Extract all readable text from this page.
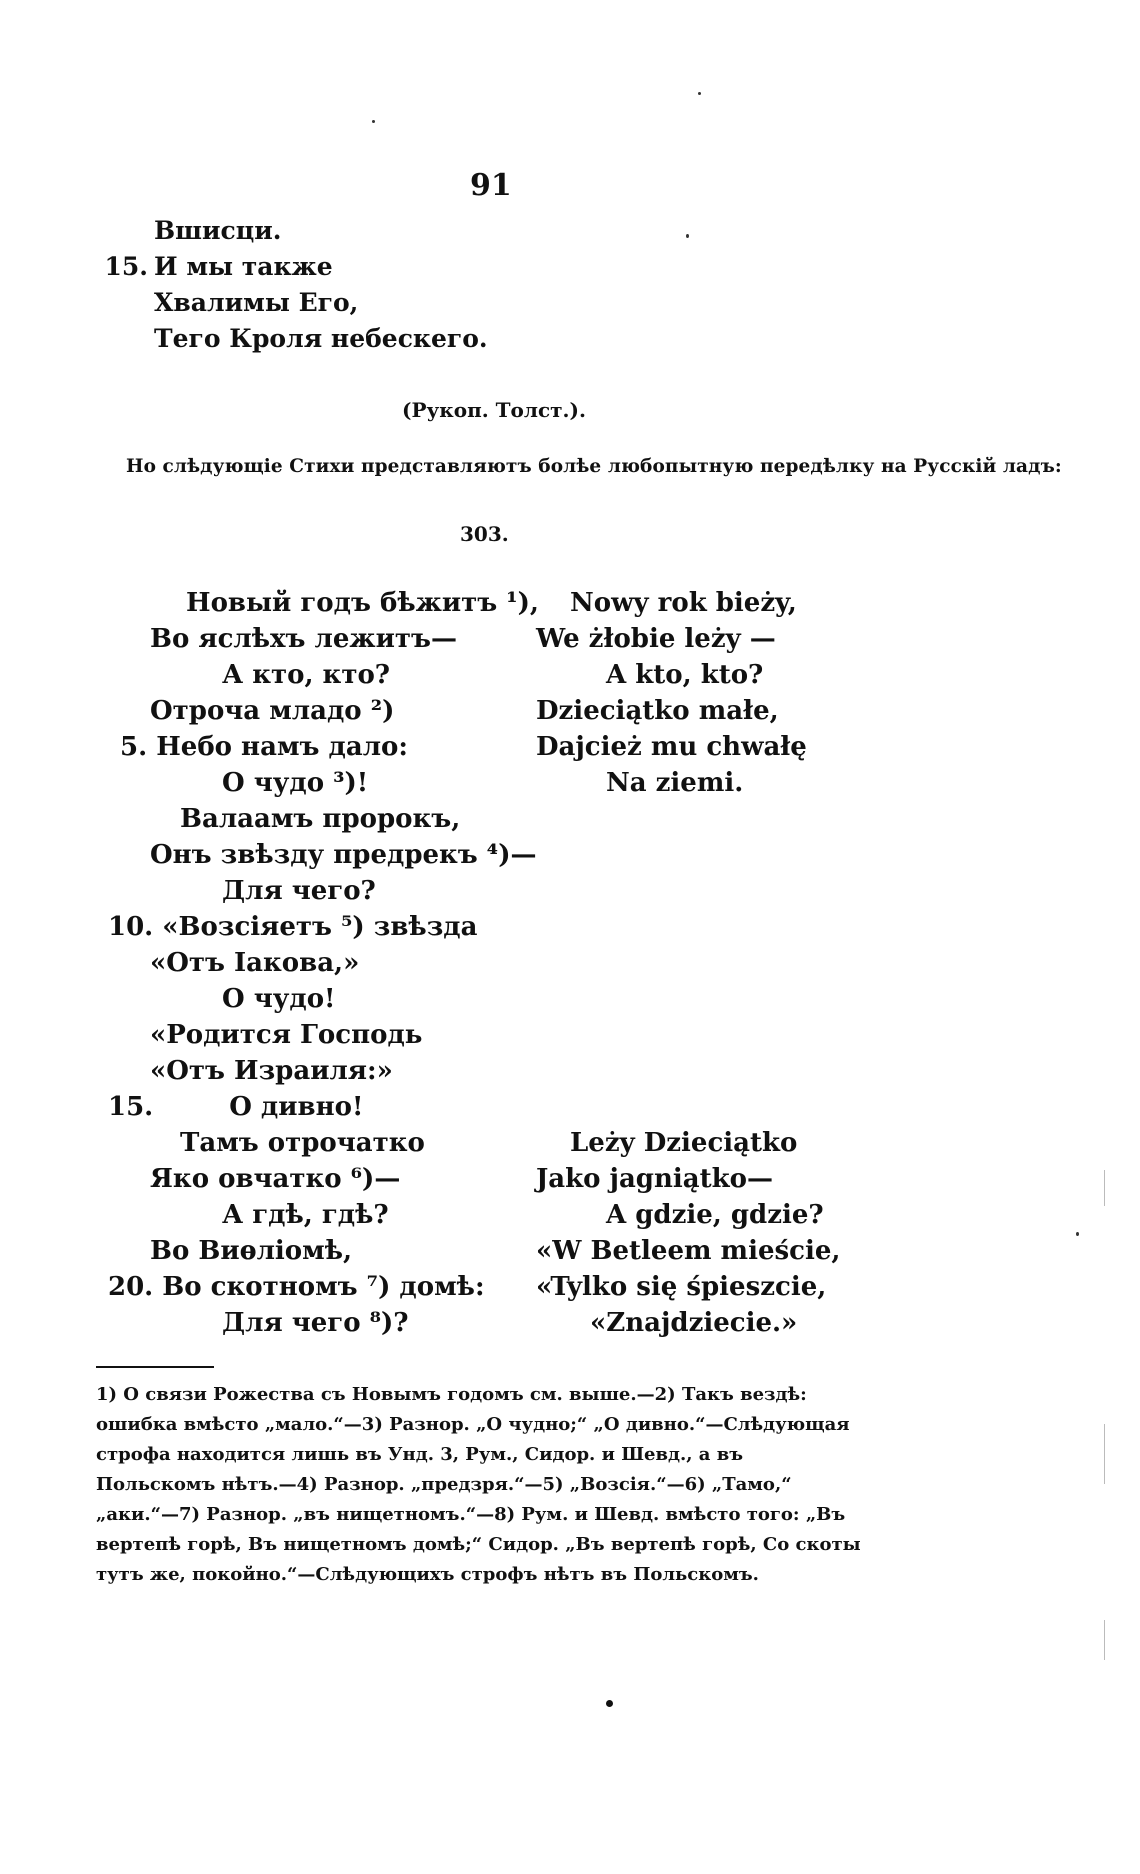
91
Вшисци.
15. И мы также
Хвалимы Его,
Тего Кроля небескего.
(Рукоп. Толст.).
Но слѣдующіе Стихи представляютъ болѣе любопытную передѣлку на Русскій ладъ:
303.
Новый годъ бѣжитъ ¹),
Во яслѣхъ лежитъ—
А кто, кто?
Отроча младо ²)
5. Небо намъ дало:
О чудо ³)!
Валаамъ пророкъ,
Онъ звѣзду предрекъ ⁴)—
Для чего?
10. «Возсіяетъ ⁵) звѣзда
«Отъ Іакова,»
О чудо!
«Родится Господь
«Отъ Израиля:»
15.	О дивно!
Тамъ отрочатко
Яко овчатко ⁶)—
А гдѣ, гдѣ?
Во Виѳліомѣ,
20. Во скотномъ ⁷) домѣ:
Для чего ⁸)?
Nowy rok bieży,
We żłobie leży —
A kto, kto?
Dzieciątko małe,
Dajcież mu chwałę
Na ziemi.
Leży Dzieciątko
Jako jagniątko—
A gdzie, gdzie?
«W Betleem mieście,
«Tylko się śpieszcie,
«Znajdziecie.»

1) О связи Рожества съ Новымъ годомъ см. выше.—2) Такъ вездѣ: ошибка вмѣсто „мало.“—3) Разнор. „О чудно;“ „О дивно.“—Слѣдующая строфа находится лишь въ Унд. 3, Рум., Сидор. и Шевд., а въ Польскомъ нѣтъ.—4) Разнор. „предзря.“—5) „Возсія.“—6) „Тамо,“ „аки.“—7) Разнор. „въ нищетномъ.“—8) Рум. и Шевд. вмѣсто того: „Въ вертепѣ горѣ, Въ нищетномъ домѣ;“ Сидор. „Въ вертепѣ горѣ, Со скоты тутъ же, покойно.“—Слѣдующихъ строфъ нѣтъ въ Польскомъ.
